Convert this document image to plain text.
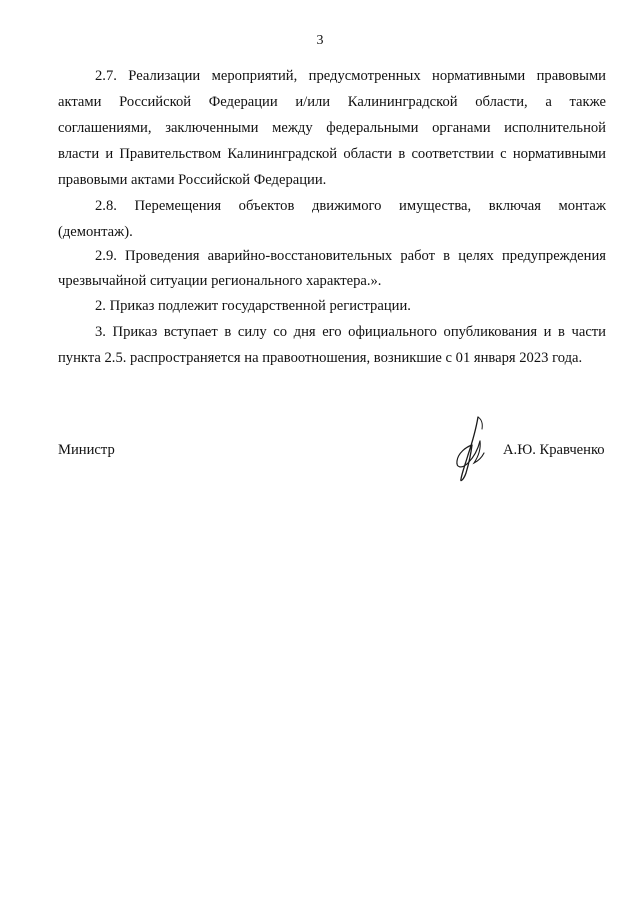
3
2.7. Реализации мероприятий, предусмотренных нормативными правовыми
актами Российской Федерации и/или Калининградской области, а также
соглашениями, заключенными между федеральными органами исполнительной
власти и Правительством Калининградской области в соответствии с нормативными
правовыми актами Российской Федерации.
2.8. Перемещения объектов движимого имущества, включая монтаж
(демонтаж).
2.9. Проведения аварийно-восстановительных работ в целях предупреждения
чрезвычайной ситуации регионального характера.».
2. Приказ подлежит государственной регистрации.
3. Приказ вступает в силу со дня его официального опубликования и в части
пункта 2.5. распространяется на правоотношения, возникшие с 01 января 2023 года.
Министр	А.Ю. Кравченко
